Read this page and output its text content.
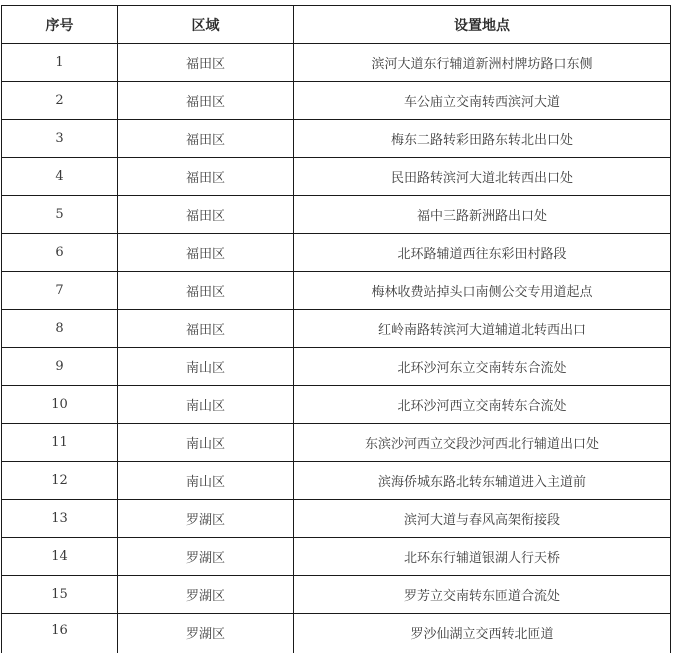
序号	区域	设置地点
1	福田区	滨河大道东行辅道新洲村牌坊路口东侧
2	福田区	车公庙立交南转西滨河大道
3	福田区	梅东二路转彩田路东转北出口处
4	福田区	民田路转滨河大道北转西出口处
5	福田区	福中三路新洲路出口处
6	福田区	北环路辅道西往东彩田村路段
7	福田区	梅林收费站掉头口南侧公交专用道起点
8	福田区	红岭南路转滨河大道辅道北转西出口
9	南山区	北环沙河东立交南转东合流处
10	南山区	北环沙河西立交南转东合流处
11	南山区	东滨沙河西立交段沙河西北行辅道出口处
12	南山区	滨海侨城东路北转东辅道进入主道前
13	罗湖区	滨河大道与春风高架衔接段
14	罗湖区	北环东行辅道银湖人行天桥
15	罗湖区	罗芳立交南转东匝道合流处
16	罗湖区	罗沙仙湖立交西转北匝道
